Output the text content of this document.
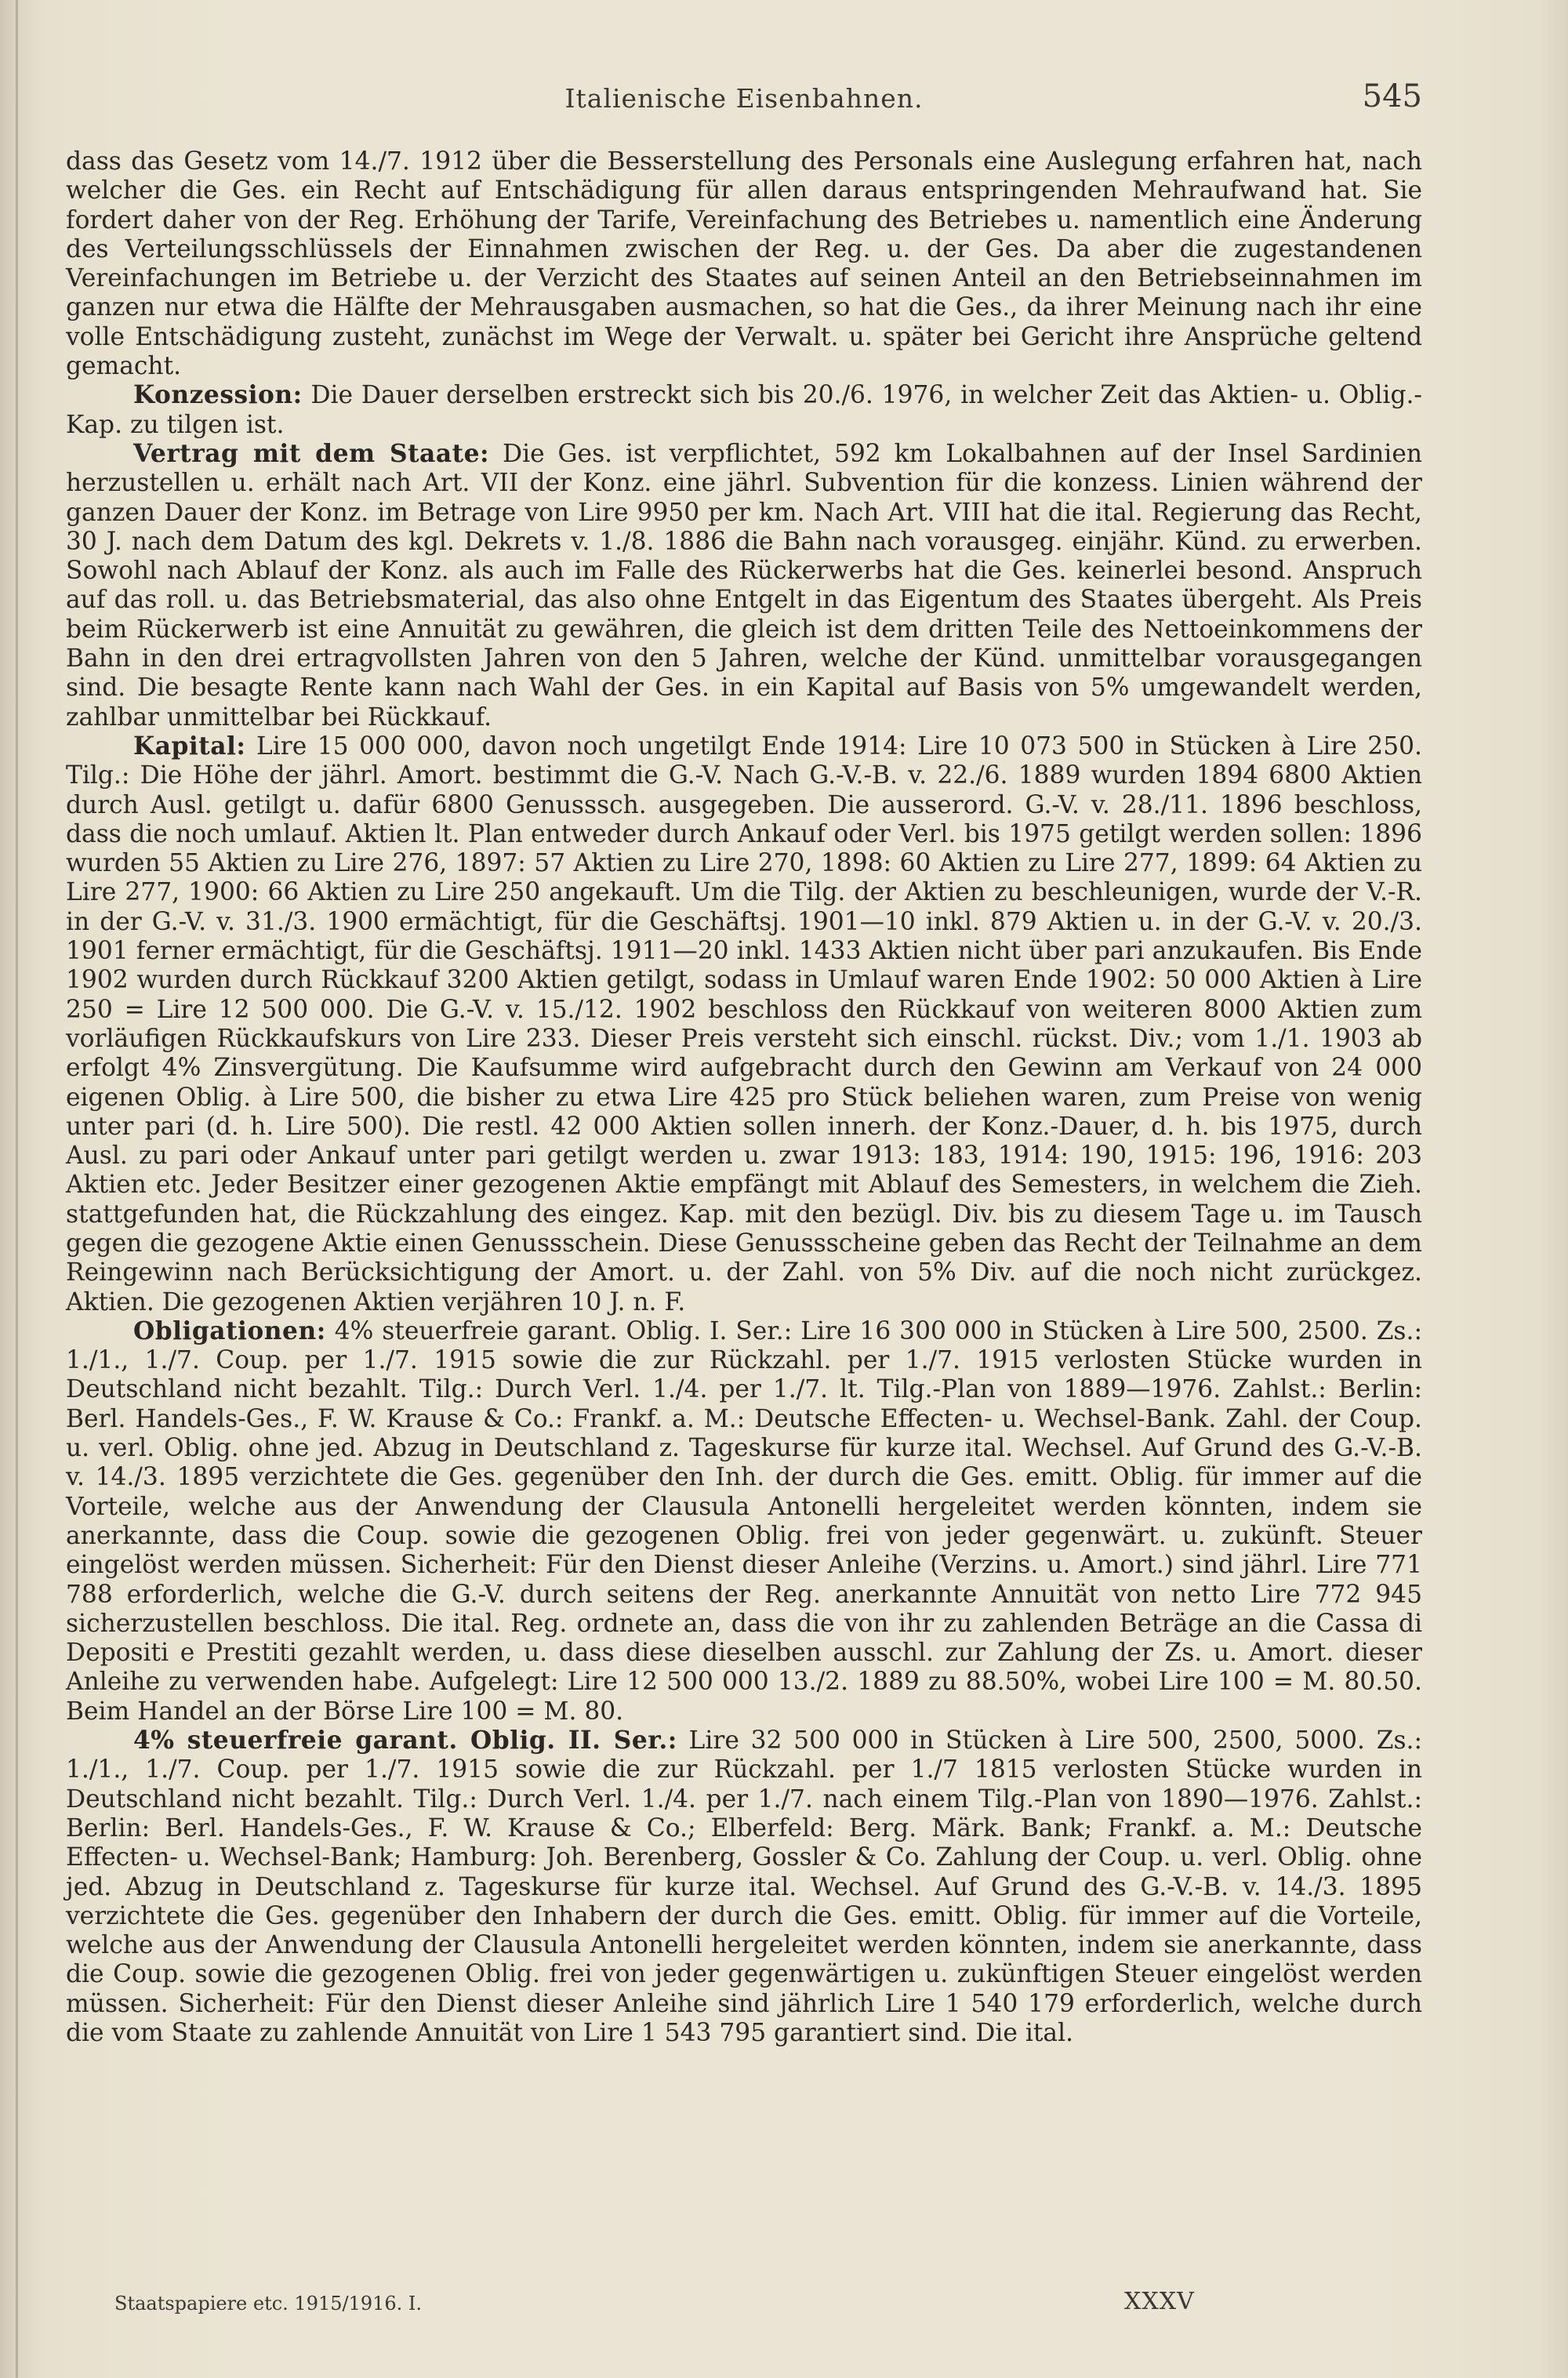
Italienische Eisenbahnen.	545

dass das Gesetz vom 14./7. 1912 über die Besserstellung des Personals eine Auslegung erfahren hat, nach welcher die Ges. ein Recht auf Entschädigung für allen daraus entspringenden Mehraufwand hat. Sie fordert daher von der Reg. Erhöhung der Tarife, Vereinfachung des Betriebes u. namentlich eine Änderung des Verteilungsschlüssels der Einnahmen zwischen der Reg. u. der Ges. Da aber die zugestandenen Vereinfachungen im Betriebe u. der Verzicht des Staates auf seinen Anteil an den Betriebseinnahmen im ganzen nur etwa die Hälfte der Mehrausgaben ausmachen, so hat die Ges., da ihrer Meinung nach ihr eine volle Entschädigung zusteht, zunächst im Wege der Verwalt. u. später bei Gericht ihre Ansprüche geltend gemacht.

Konzession: Die Dauer derselben erstreckt sich bis 20./6. 1976, in welcher Zeit das Aktien- u. Oblig.-Kap. zu tilgen ist.

Vertrag mit dem Staate: Die Ges. ist verpflichtet, 592 km Lokalbahnen auf der Insel Sardinien herzustellen u. erhält nach Art. VII der Konz. eine jährl. Subvention für die konzess. Linien während der ganzen Dauer der Konz. im Betrage von Lire 9950 per km. Nach Art. VIII hat die ital. Regierung das Recht, 30 J. nach dem Datum des kgl. Dekrets v. 1./8. 1886 die Bahn nach vorausgeg. einjähr. Künd. zu erwerben. Sowohl nach Ablauf der Konz. als auch im Falle des Rückerwerbs hat die Ges. keinerlei besond. Anspruch auf das roll. u. das Betriebsmaterial, das also ohne Entgelt in das Eigentum des Staates übergeht. Als Preis beim Rückerwerb ist eine Annuität zu gewähren, die gleich ist dem dritten Teile des Nettoeinkommens der Bahn in den drei ertragvollsten Jahren von den 5 Jahren, welche der Künd. unmittelbar vorausgegangen sind. Die besagte Rente kann nach Wahl der Ges. in ein Kapital auf Basis von 5% umgewandelt werden, zahlbar unmittelbar bei Rückkauf.

Kapital: Lire 15 000 000, davon noch ungetilgt Ende 1914: Lire 10 073 500 in Stücken à Lire 250. Tilg.: Die Höhe der jährl. Amort. bestimmt die G.-V. Nach G.-V.-B. v. 22./6. 1889 wurden 1894 6800 Aktien durch Ausl. getilgt u. dafür 6800 Genusssch. ausgegeben. Die ausserord. G.-V. v. 28./11. 1896 beschloss, dass die noch umlauf. Aktien lt. Plan entweder durch Ankauf oder Verl. bis 1975 getilgt werden sollen: 1896 wurden 55 Aktien zu Lire 276, 1897: 57 Aktien zu Lire 270, 1898: 60 Aktien zu Lire 277, 1899: 64 Aktien zu Lire 277, 1900: 66 Aktien zu Lire 250 angekauft. Um die Tilg. der Aktien zu beschleunigen, wurde der V.-R. in der G.-V. v. 31./3. 1900 ermächtigt, für die Geschäftsj. 1901—10 inkl. 879 Aktien u. in der G.-V. v. 20./3. 1901 ferner ermächtigt, für die Geschäftsj. 1911—20 inkl. 1433 Aktien nicht über pari anzukaufen. Bis Ende 1902 wurden durch Rückkauf 3200 Aktien getilgt, sodass in Umlauf waren Ende 1902: 50 000 Aktien à Lire 250 = Lire 12 500 000. Die G.-V. v. 15./12. 1902 beschloss den Rückkauf von weiteren 8000 Aktien zum vorläufigen Rückkaufskurs von Lire 233. Dieser Preis versteht sich einschl. rückst. Div.; vom 1./1. 1903 ab erfolgt 4% Zinsvergütung. Die Kaufsumme wird aufgebracht durch den Gewinn am Verkauf von 24 000 eigenen Oblig. à Lire 500, die bisher zu etwa Lire 425 pro Stück beliehen waren, zum Preise von wenig unter pari (d. h. Lire 500). Die restl. 42 000 Aktien sollen innerh. der Konz.-Dauer, d. h. bis 1975, durch Ausl. zu pari oder Ankauf unter pari getilgt werden u. zwar 1913: 183, 1914: 190, 1915: 196, 1916: 203 Aktien etc. Jeder Besitzer einer gezogenen Aktie empfängt mit Ablauf des Semesters, in welchem die Zieh. stattgefunden hat, die Rückzahlung des eingez. Kap. mit den bezügl. Div. bis zu diesem Tage u. im Tausch gegen die gezogene Aktie einen Genussschein. Diese Genussscheine geben das Recht der Teilnahme an dem Reingewinn nach Berücksichtigung der Amort. u. der Zahl. von 5% Div. auf die noch nicht zurückgez. Aktien. Die gezogenen Aktien verjähren 10 J. n. F.

Obligationen: 4% steuerfreie garant. Oblig. I. Ser.: Lire 16 300 000 in Stücken à Lire 500, 2500. Zs.: 1./1., 1./7. Coup. per 1./7. 1915 sowie die zur Rückzahl. per 1./7. 1915 verlosten Stücke wurden in Deutschland nicht bezahlt. Tilg.: Durch Verl. 1./4. per 1./7. lt. Tilg.-Plan von 1889—1976. Zahlst.: Berlin: Berl. Handels-Ges., F. W. Krause & Co.: Frankf. a. M.: Deutsche Effecten- u. Wechsel-Bank. Zahl. der Coup. u. verl. Oblig. ohne jed. Abzug in Deutschland z. Tageskurse für kurze ital. Wechsel. Auf Grund des G.-V.-B. v. 14./3. 1895 verzichtete die Ges. gegenüber den Inh. der durch die Ges. emitt. Oblig. für immer auf die Vorteile, welche aus der Anwendung der Clausula Antonelli hergeleitet werden könnten, indem sie anerkannte, dass die Coup. sowie die gezogenen Oblig. frei von jeder gegenwärt. u. zukünft. Steuer eingelöst werden müssen. Sicherheit: Für den Dienst dieser Anleihe (Verzins. u. Amort.) sind jährl. Lire 771 788 erforderlich, welche die G.-V. durch seitens der Reg. anerkannte Annuität von netto Lire 772 945 sicherzustellen beschloss. Die ital. Reg. ordnete an, dass die von ihr zu zahlenden Beträge an die Cassa di Depositi e Prestiti gezahlt werden, u. dass diese dieselben ausschl. zur Zahlung der Zs. u. Amort. dieser Anleihe zu verwenden habe. Aufgelegt: Lire 12 500 000 13./2. 1889 zu 88.50%, wobei Lire 100 = M. 80.50. Beim Handel an der Börse Lire 100 = M. 80.

4% steuerfreie garant. Oblig. II. Ser.: Lire 32 500 000 in Stücken à Lire 500, 2500, 5000. Zs.: 1./1., 1./7. Coup. per 1./7. 1915 sowie die zur Rückzahl. per 1./7 1815 verlosten Stücke wurden in Deutschland nicht bezahlt. Tilg.: Durch Verl. 1./4. per 1./7. nach einem Tilg.-Plan von 1890—1976. Zahlst.: Berlin: Berl. Handels-Ges., F. W. Krause & Co.; Elberfeld: Berg. Märk. Bank; Frankf. a. M.: Deutsche Effecten- u. Wechsel-Bank; Hamburg: Joh. Berenberg, Gossler & Co. Zahlung der Coup. u. verl. Oblig. ohne jed. Abzug in Deutschland z. Tageskurse für kurze ital. Wechsel. Auf Grund des G.-V.-B. v. 14./3. 1895 verzichtete die Ges. gegenüber den Inhabern der durch die Ges. emitt. Oblig. für immer auf die Vorteile, welche aus der Anwendung der Clausula Antonelli hergeleitet werden könnten, indem sie anerkannte, dass die Coup. sowie die gezogenen Oblig. frei von jeder gegenwärtigen u. zukünftigen Steuer eingelöst werden müssen. Sicherheit: Für den Dienst dieser Anleihe sind jährlich Lire 1 540 179 erforderlich, welche durch die vom Staate zu zahlende Annuität von Lire 1 543 795 garantiert sind. Die ital.

Staatspapiere etc. 1915/1916. I.	XXXV
